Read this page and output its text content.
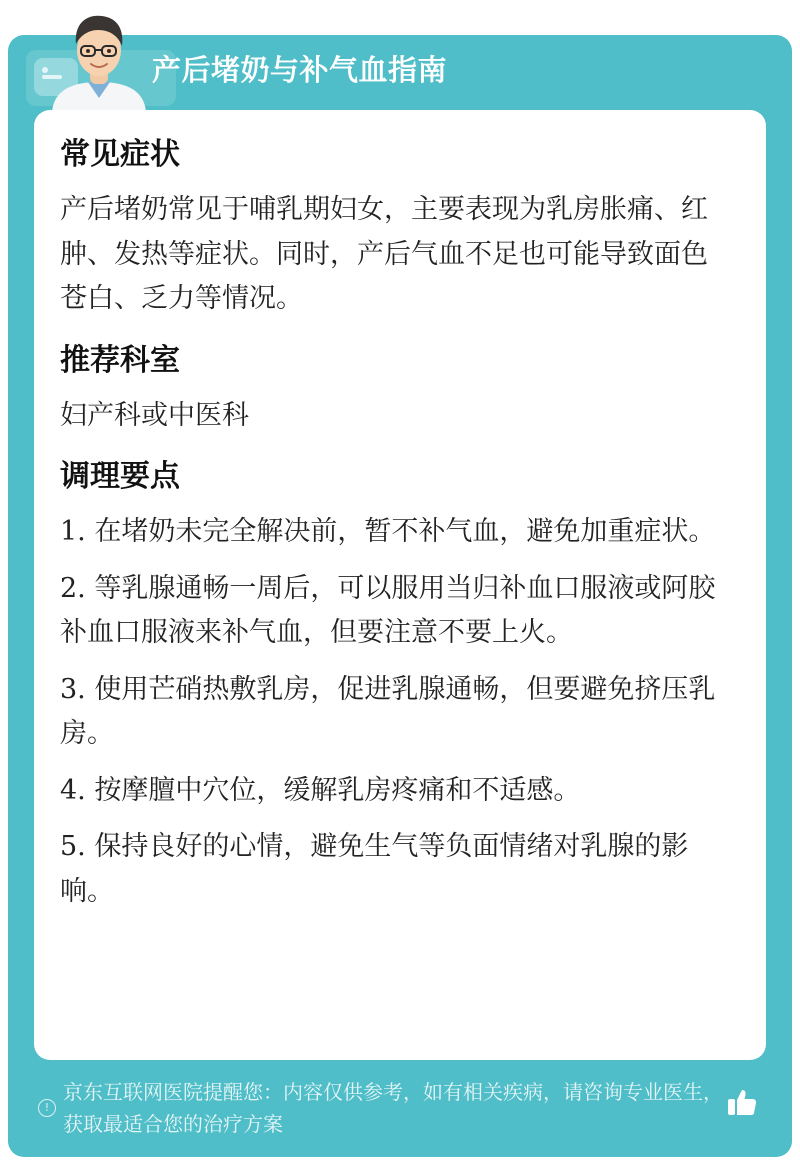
产后堵奶与补气血指南
常见症状
产后堵奶常见于哺乳期妇女，主要表现为乳房胀痛、红肿、发热等症状。同时，产后气血不足也可能导致面色苍白、乏力等情况。
推荐科室
妇产科或中医科
调理要点
1. 在堵奶未完全解决前，暂不补气血，避免加重症状。
2. 等乳腺通畅一周后，可以服用当归补血口服液或阿胶补血口服液来补气血，但要注意不要上火。
3. 使用芒硝热敷乳房，促进乳腺通畅，但要避免挤压乳房。
4. 按摩膻中穴位，缓解乳房疼痛和不适感。
5. 保持良好的心情，避免生气等负面情绪对乳腺的影响。
!
京东互联网医院提醒您：内容仅供参考，如有相关疾病，请咨询专业医生，获取最适合您的治疗方案
